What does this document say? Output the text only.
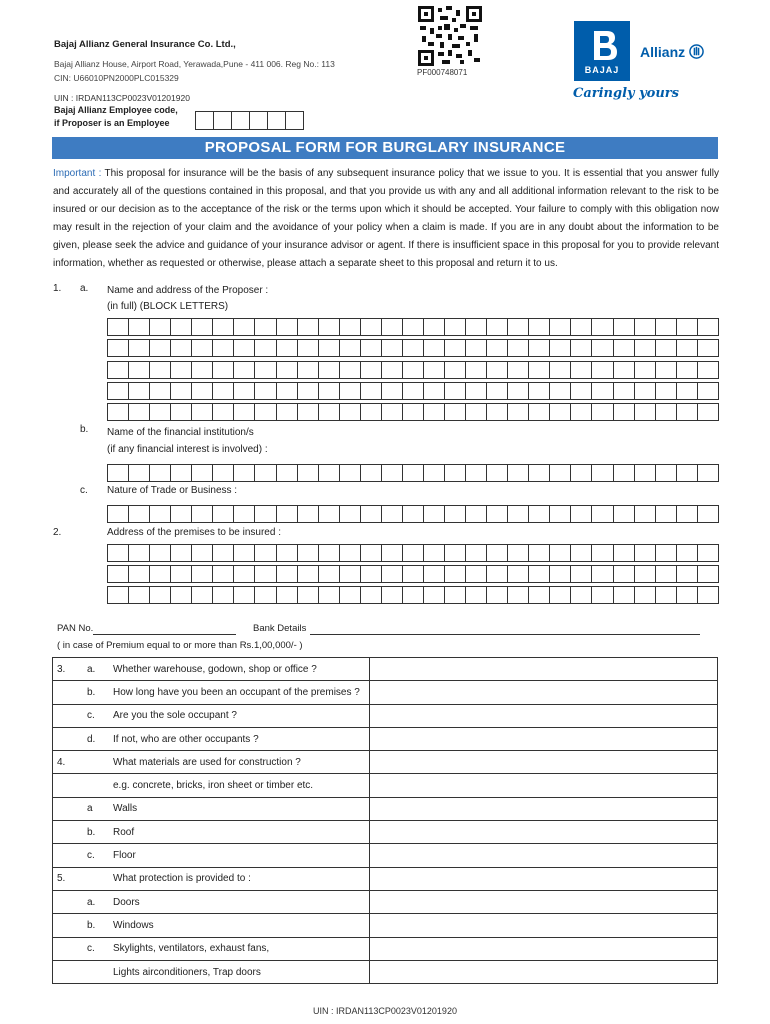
Bajaj Allianz General Insurance Co. Ltd.,
Bajaj Allianz House, Airport Road, Yerawada,Pune - 411 006. Reg No.: 113
CIN: U66010PN2000PLC015329
PF000748071	BAJAJ
Allianz
Caringly yours
UIN : IRDAN113CP0023V01201920
Bajaj Allianz Employee code,
if Proposer is an Employee
PROPOSAL FORM FOR BURGLARY INSURANCE
Important : This proposal for insurance will be the basis of any subsequent insurance policy that we issue to you. It is essential that you answer fully and accurately all of the questions contained in this proposal, and that you provide us with any and all additional information relevant to the risk to be insured or our decision as to the acceptance of the risk or the terms upon which it should be accepted. Your failure to comply with this obligation now may result in the rejection of your claim and the avoidance of your policy when a claim is made. If you are in any doubt about the information to be given, please seek the advice and guidance of your insurance advisor or agent. If there is insufficient space in this proposal for you to provide relevant information, whether as requested or otherwise, please attach a separate sheet to this proposal and return it to us.
1. a. Name and address of the Proposer :
(in full) (BLOCK LETTERS)
b. Name of the financial institution/s
(if any financial interest is involved) :
c. Nature of Trade or Business :
2.	Address of the premises to be insured :
PAN No.	Bank Details
( in case of Premium equal to or more than Rs.1,00,000/- )
3.	a.	Whether warehouse, godown, shop or office ?	
	b.	How long have you been an occupant of the premises ?	
	c.	Are you the sole occupant ?	
	d.	If not, who are other occupants ?	
4.		What materials are used for construction ?	
		e.g. concrete, bricks, iron sheet or timber etc.	
	a	Walls	
	b.	Roof	
	c.	Floor	
5.		What protection is provided to :	
	a.	Doors	
	b.	Windows	
	c.	Skylights, ventilators, exhaust fans,	
		Lights airconditioners, Trap doors	
UIN : IRDAN113CP0023V01201920
